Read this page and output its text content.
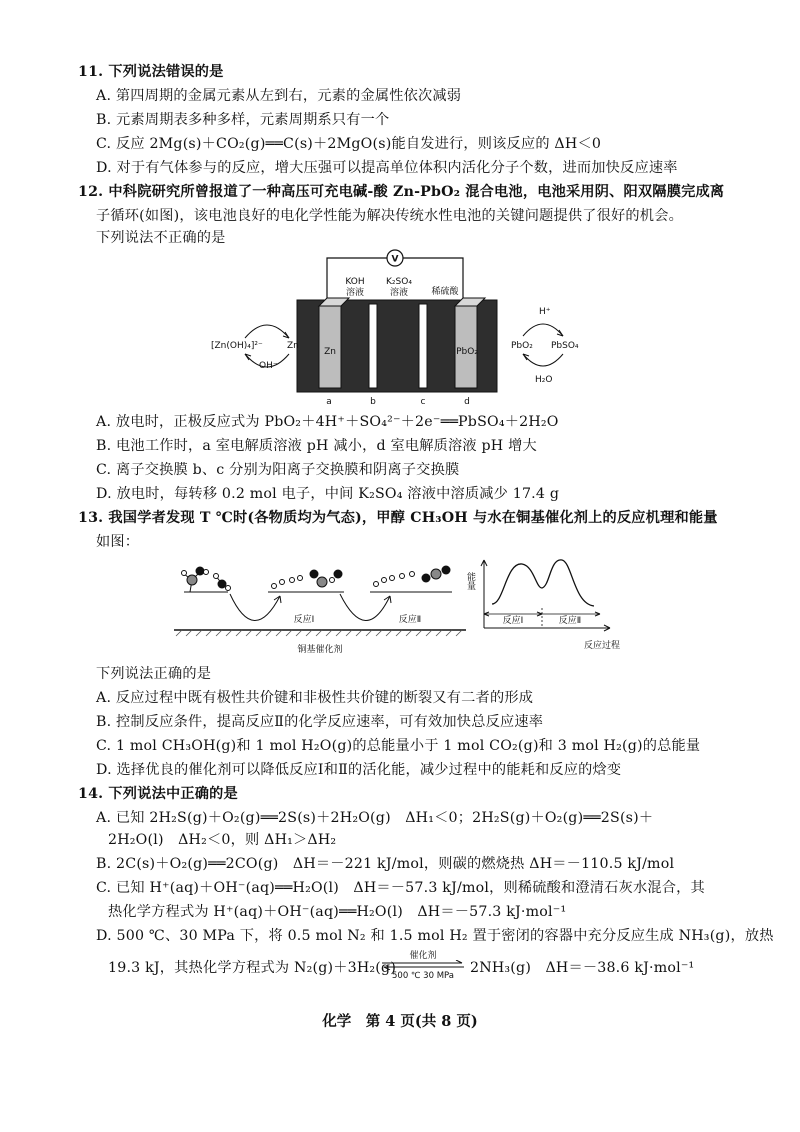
11. 下列说法错误的是
A. 第四周期的金属元素从左到右，元素的金属性依次减弱
B. 元素周期表多种多样，元素周期系只有一个
C. 反应 2Mg(s)＋CO₂(g)══C(s)＋2MgO(s)能自发进行，则该反应的 ΔH＜0
D. 对于有气体参与的反应，增大压强可以提高单位体积内活化分子个数，进而加快反应速率
12. 中科院研究所曾报道了一种高压可充电碱-酸 Zn-PbO₂ 混合电池，电池采用阴、阳双隔膜完成离
子循环(如图)，该电池良好的电化学性能为解决传统水性电池的关键问题提供了很好的机会。
下列说法不正确的是
V
KOH
溶液
K₂SO₄
溶液	稀硫酸
Zn	PbO₂
[Zn(OH)₄]²⁻	Zn
OH⁻
PbO₂ PbSO₄
H⁺
H₂O
a	b	c	d
A. 放电时，正极反应式为 PbO₂＋4H⁺＋SO₄²⁻＋2e⁻══PbSO₄＋2H₂O
B. 电池工作时，a 室电解质溶液 pH 减小，d 室电解质溶液 pH 增大
C. 离子交换膜 b、c 分别为阳离子交换膜和阴离子交换膜
D. 放电时，每转移 0.2 mol 电子，中间 K₂SO₄ 溶液中溶质减少 17.4 g
13. 我国学者发现 T ℃时(各物质均为气态)，甲醇 CH₃OH 与水在铜基催化剂上的反应机理和能量
如图：
铜基催化剂
反应Ⅰ	反应Ⅱ
能量
反应Ⅰ	反应Ⅱ
反应过程
下列说法正确的是
A. 反应过程中既有极性共价键和非极性共价键的断裂又有二者的形成
B. 控制反应条件，提高反应Ⅱ的化学反应速率，可有效加快总反应速率
C. 1 mol CH₃OH(g)和 1 mol H₂O(g)的总能量小于 1 mol CO₂(g)和 3 mol H₂(g)的总能量
D. 选择优良的催化剂可以降低反应Ⅰ和Ⅱ的活化能，减少过程中的能耗和反应的焓变
14. 下列说法中正确的是
A. 已知 2H₂S(g)＋O₂(g)══2S(s)＋2H₂O(g)　ΔH₁＜0；2H₂S(g)＋O₂(g)══2S(s)＋
2H₂O(l)　ΔH₂＜0，则 ΔH₁＞ΔH₂
B. 2C(s)＋O₂(g)══2CO(g)　ΔH＝－221 kJ/mol，则碳的燃烧热 ΔH＝－110.5 kJ/mol
C. 已知 H⁺(aq)＋OH⁻(aq)══H₂O(l)　ΔH＝－57.3 kJ/mol，则稀硫酸和澄清石灰水混合，其
热化学方程式为 H⁺(aq)＋OH⁻(aq)══H₂O(l)　ΔH＝－57.3 kJ·mol⁻¹
D. 500 ℃、30 MPa 下，将 0.5 mol N₂ 和 1.5 mol H₂ 置于密闭的容器中充分反应生成 NH₃(g)，放热
19.3 kJ，其热化学方程式为 N₂(g)＋3H₂(g)
催化剂
500 ℃ 30 MPa	2NH₃(g)　ΔH＝－38.6 kJ·mol⁻¹
化学　第 4 页(共 8 页)
